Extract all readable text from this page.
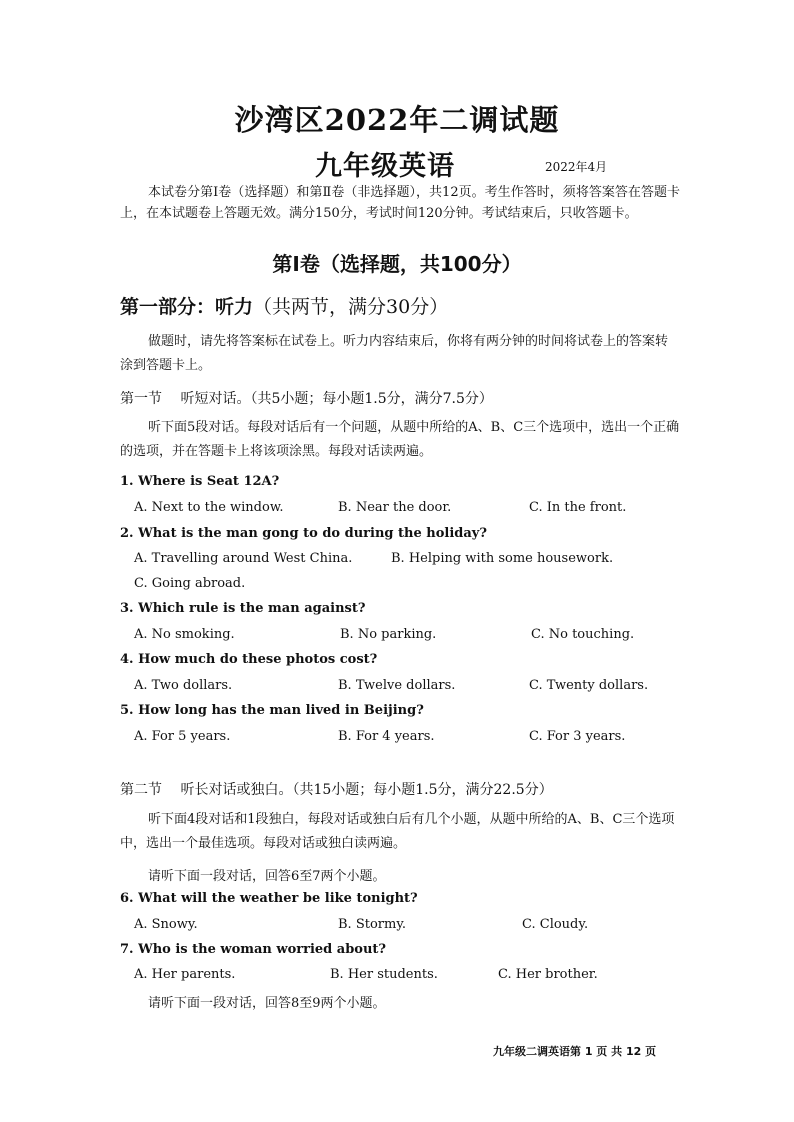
沙湾区2022年二调试题
九年级英语	2022年4月
本试卷分第Ⅰ卷（选择题）和第Ⅱ卷（非选择题），共12页。考生作答时，须将答案答在答题卡上，在本试题卷上答题无效。满分150分，考试时间120分钟。考试结束后，只收答题卡。
第Ⅰ卷（选择题，共100分）
第一部分：听力（共两节，满分30分）
做题时，请先将答案标在试卷上。听力内容结束后，你将有两分钟的时间将试卷上的答案转涂到答题卡上。
第一节　 听短对话。（共5小题；每小题1.5分，满分7.5分）
听下面5段对话。每段对话后有一个问题，从题中所给的A、B、C三个选项中，选出一个正确的选项，并在答题卡上将该项涂黑。每段对话读两遍。
1. Where is Seat 12A?
A. Next to the window.	B. Near the door.	C. In the front.
2. What is the man gong to do during the holiday?
A. Travelling around West China.	B. Helping with some housework.
C. Going abroad.
3. Which rule is the man against?
A. No smoking.	B. No parking.	C. No touching.
4. How much do these photos cost?
A. Two dollars.	B. Twelve dollars.	C. Twenty dollars.
5. How long has the man lived in Beijing?
A. For 5 years.	B. For 4 years.	C. For 3 years.
第二节　 听长对话或独白。（共15小题；每小题1.5分，满分22.5分）
听下面4段对话和1段独白，每段对话或独白后有几个小题，从题中所给的A、B、C三个选项中，选出一个最佳选项。每段对话或独白读两遍。
请听下面一段对话，回答6至7两个小题。
6. What will the weather be like tonight?
A. Snowy.	B. Stormy.	C. Cloudy.
7. Who is the woman worried about?
A. Her parents.	B. Her students.	C. Her brother.
请听下面一段对话，回答8至9两个小题。
九年级二调英语第 1 页 共 12 页
